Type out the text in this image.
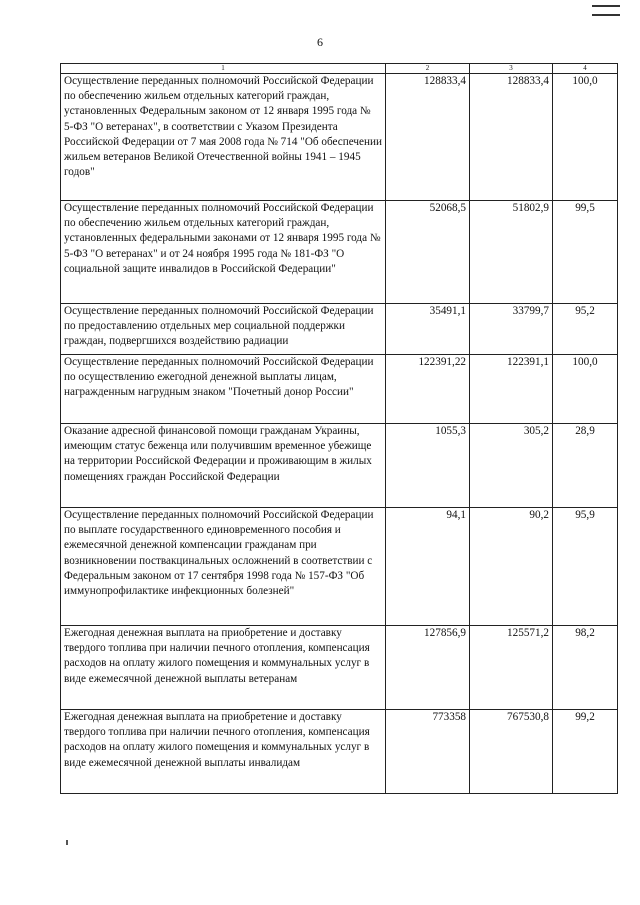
6
1	2	3	4
Осуществление переданных полномочий Российской Федерации по обеспечению жильем отдельных категорий граждан, установленных Федеральным законом от 12 января 1995 года № 5-ФЗ "О ветеранах", в соответствии с Указом Президента Российской Федерации от 7 мая 2008 года № 714 "Об обеспечении жильем ветеранов Великой Отечественной войны 1941 – 1945 годов"	128833,4	128833,4	100,0
Осуществление переданных полномочий Российской Федерации по обеспечению жильем отдельных категорий граждан, установленных федеральными законами от 12 января 1995 года № 5-ФЗ "О ветеранах" и от 24 ноября 1995 года № 181-ФЗ "О социальной защите инвалидов в Российской Федерации"	52068,5	51802,9	99,5
Осуществление переданных полномочий Российской Федерации по предоставлению отдельных мер социальной поддержки граждан, подвергшихся воздействию радиации	35491,1	33799,7	95,2
Осуществление переданных полномочий Российской Федерации по осуществлению ежегодной денежной выплаты лицам, награжденным нагрудным знаком "Почетный донор России"	122391,22	122391,1	100,0
Оказание адресной финансовой помощи гражданам Украины, имеющим статус беженца или получившим временное убежище на территории Российской Федерации и проживающим в жилых помещениях граждан Российской Федерации	1055,3	305,2	28,9
Осуществление переданных полномочий Российской Федерации по выплате государственного единовременного пособия и ежемесячной денежной компенсации гражданам при возникновении поствакцинальных осложнений в соответствии с Федеральным законом от 17 сентября 1998 года № 157-ФЗ "Об иммунопрофилактике инфекционных болезней"	94,1	90,2	95,9
Ежегодная денежная выплата на приобретение и доставку твердого топлива при наличии печного отопления, компенсация расходов на оплату жилого помещения и коммунальных услуг в виде ежемесячной денежной выплаты ветеранам	127856,9	125571,2	98,2
Ежегодная денежная выплата на приобретение и доставку твердого топлива при наличии печного отопления, компенсация расходов на оплату жилого помещения и коммунальных услуг в виде ежемесячной денежной выплаты инвалидам	773358	767530,8	99,2
